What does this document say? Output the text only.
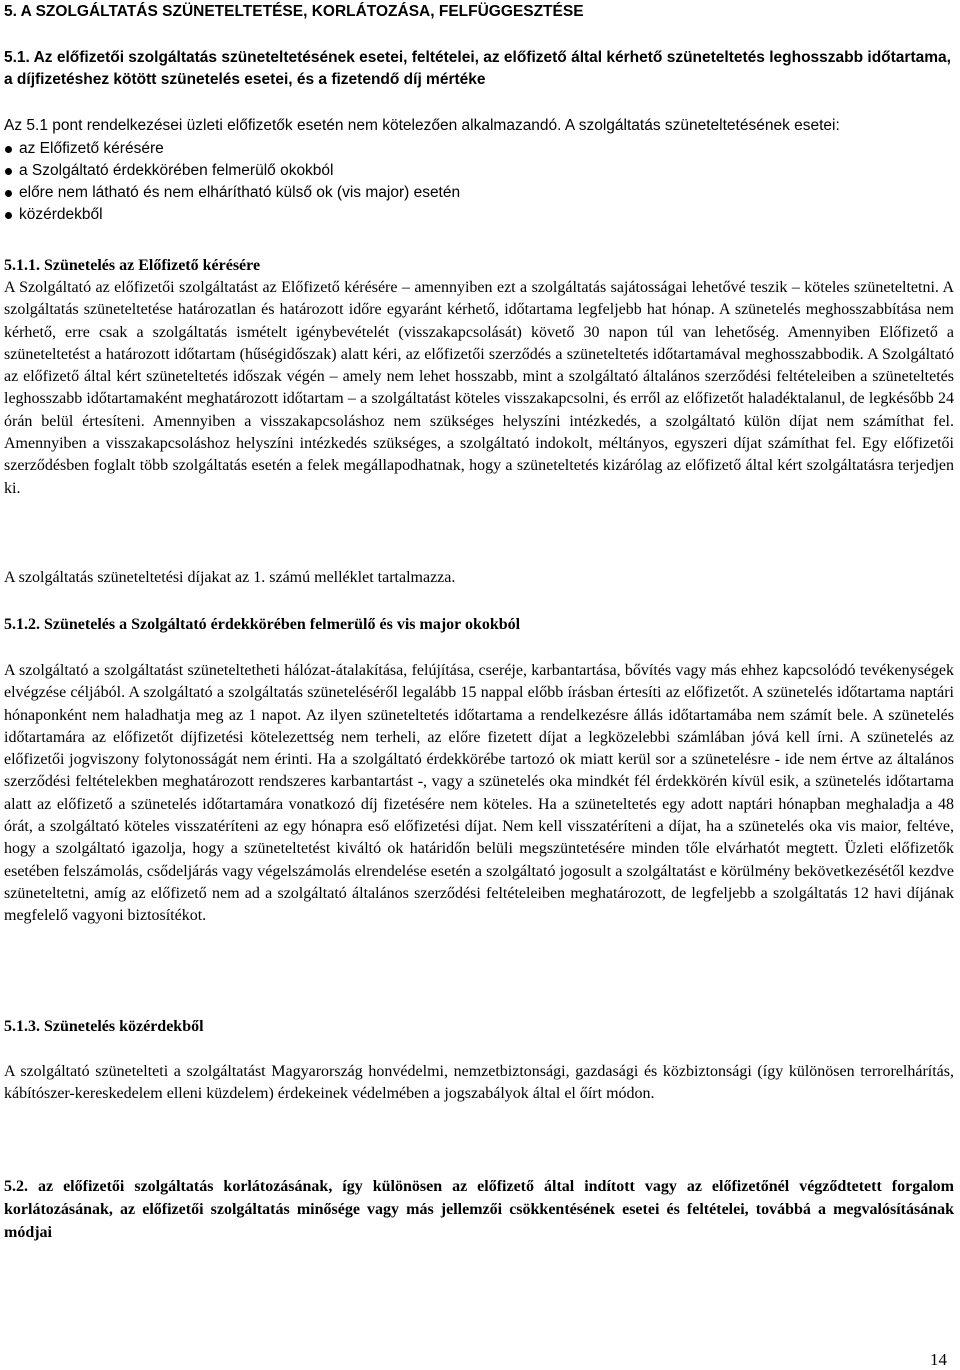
5. A SZOLGÁLTATÁS SZÜNETELTETÉSE, KORLÁTOZÁSA, FELFÜGGESZTÉSE
5.1. Az előfizetői szolgáltatás szüneteltetésének esetei, feltételei, az előfizető által kérhető szüneteltetés leghosszabb időtartama, a díjfizetéshez kötött szünetelés esetei, és a fizetendő díj mértéke
Az 5.1 pont rendelkezései üzleti előfizetők esetén nem kötelezően alkalmazandó. A szolgáltatás szüneteltetésének esetei:
az Előfizető kérésére
a Szolgáltató érdekkörében felmerülő okokból
előre nem látható és nem elhárítható külső ok (vis major) esetén
közérdekből
5.1.1. Szünetelés az Előfizető kérésére
A Szolgáltató az előfizetői szolgáltatást az Előfizető kérésére – amennyiben ezt a szolgáltatás sajátosságai lehetővé teszik – köteles szüneteltetni. A szolgáltatás szüneteltetése határozatlan és határozott időre egyaránt kérhető, időtartama legfeljebb hat hónap. A szünetelés meghosszabbítása nem kérhető, erre csak a szolgáltatás ismételt igénybevételét (visszakapcsolását) követő 30 napon túl van lehetőség. Amennyiben Előfizető a szüneteltetést a határozott időtartam (hűségidőszak) alatt kéri, az előfizetői szerződés a szüneteltetés időtartamával meghosszabbodik. A Szolgáltató az előfizető által kért szüneteltetés időszak végén – amely nem lehet hosszabb, mint a szolgáltató általános szerződési feltételeiben a szüneteltetés leghosszabb időtartamaként meghatározott időtartam – a szolgáltatást köteles visszakapcsolni, és erről az előfizetőt haladéktalanul, de legkésőbb 24 órán belül értesíteni. Amennyiben a visszakapcsoláshoz nem szükséges helyszíni intézkedés, a szolgáltató külön díjat nem számíthat fel. Amennyiben a visszakapcsoláshoz helyszíni intézkedés szükséges, a szolgáltató indokolt, méltányos, egyszeri díjat számíthat fel. Egy előfizetői szerződésben foglalt több szolgáltatás esetén a felek megállapodhatnak, hogy a szüneteltetés kizárólag az előfizető által kért szolgáltatásra terjedjen ki.
A szolgáltatás szüneteltetési díjakat az 1. számú melléklet tartalmazza.
5.1.2. Szünetelés a Szolgáltató érdekkörében felmerülő és vis major okokból
A szolgáltató a szolgáltatást szüneteltetheti hálózat-átalakítása, felújítása, cseréje, karbantartása, bővítés vagy más ehhez kapcsolódó tevékenységek elvégzése céljából. A szolgáltató a szolgáltatás szüneteléséről legalább 15 nappal előbb írásban értesíti az előfizetőt. A szünetelés időtartama naptári hónaponként nem haladhatja meg az 1 napot. Az ilyen szüneteltetés időtartama a rendelkezésre állás időtartamába nem számít bele. A szünetelés időtartamára az előfizetőt díjfizetési kötelezettség nem terheli, az előre fizetett díjat a legközelebbi számlában jóvá kell írni. A szünetelés az előfizetői jogviszony folytonosságát nem érinti. Ha a szolgáltató érdekkörébe tartozó ok miatt kerül sor a szünetelésre - ide nem értve az általános szerződési feltételekben meghatározott rendszeres karbantartást -, vagy a szünetelés oka mindkét fél érdekkörén kívül esik, a szünetelés időtartama alatt az előfizető a szünetelés időtartamára vonatkozó díj fizetésére nem köteles. Ha a szüneteltetés egy adott naptári hónapban meghaladja a 48 órát, a szolgáltató köteles visszatéríteni az egy hónapra eső előfizetési díjat. Nem kell visszatéríteni a díjat, ha a szünetelés oka vis maior, feltéve, hogy a szolgáltató igazolja, hogy a szüneteltetést kiváltó ok határidőn belüli megszüntetésére minden tőle elvárhatót megtett. Üzleti előfizetők esetében felszámolás, csődeljárás vagy végelszámolás elrendelése esetén a szolgáltató jogosult a szolgáltatást e körülmény bekövetkezésétől kezdve szüneteltetni, amíg az előfizető nem ad a szolgáltató általános szerződési feltételeiben meghatározott, de legfeljebb a szolgáltatás 12 havi díjának megfelelő vagyoni biztosítékot.
5.1.3. Szünetelés közérdekből
A szolgáltató szünetelteti a szolgáltatást Magyarország honvédelmi, nemzetbiztonsági, gazdasági és közbiztonsági (így különösen terrorelhárítás, kábítószer-kereskedelem elleni küzdelem) érdekeinek védelmében a jogszabályok által el őírt módon.
5.2. az előfizetői szolgáltatás korlátozásának, így különösen az előfizető által indított vagy az előfizetőnél végződtetett forgalom korlátozásának, az előfizetői szolgáltatás minősége vagy más jellemzői csökkentésének esetei és feltételei, továbbá a megvalósításának módjai
14
